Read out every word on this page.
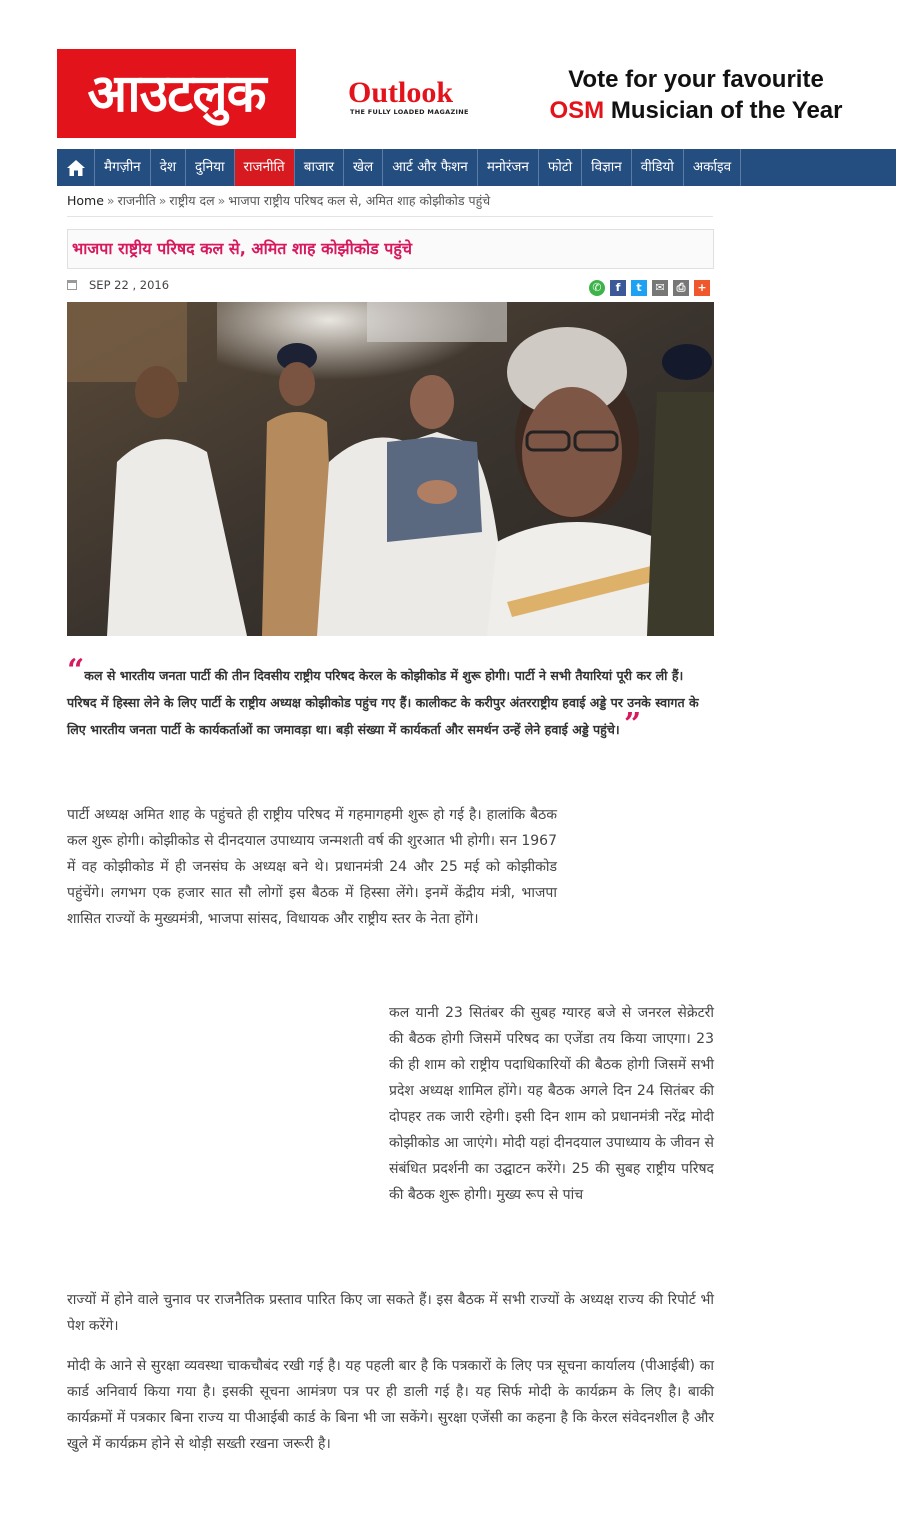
आउटलुक	Outlook
THE FULLY LOADED MAGAZINE
Vote for your favourite
OSM Musician of the Year
मैगज़ीन	देश	दुनिया	राजनीति	बाजार	खेल	आर्ट और फैशन	मनोरंजन	फोटो	विज्ञान	वीडियो	अर्काइव
Home » राजनीति » राष्ट्रीय दल » भाजपा राष्ट्रीय परिषद कल से, अमित शाह कोझीकोड पहुंचे
भाजपा राष्ट्रीय परिषद कल से, अमित शाह कोझीकोड पहुंचे
SEP 22 , 2016	✆	f	t	✉	⎙	+
“कल से भारतीय जनता पार्टी की तीन दिवसीय राष्ट्रीय परिषद केरल के कोझीकोड में शुरू होगी। पार्टी ने सभी तैयारियां पूरी कर ली हैं। परिषद में हिस्सा लेने के लिए पार्टी के राष्ट्रीय अध्यक्ष कोझीकोड पहुंच गए हैं। कालीकट के करीपुर अंतरराष्ट्रीय हवाई अड्डे पर उनके स्वागत के लिए भारतीय जनता पार्टी के कार्यकर्ताओं का जमावड़ा था। बड़ी संख्या में कार्यकर्ता और समर्थन उन्हें लेने हवाई अड्डे पहुंचे। ”

पार्टी अध्यक्ष अमित शाह के पहुंचते ही राष्ट्रीय परिषद में गहमागहमी शुरू हो गई है। हालांकि बैठक कल शुरू होगी। कोझीकोड से दीनदयाल उपाध्याय जन्मशती वर्ष की शुरआत भी होगी। सन 1967 में वह कोझीकोड में ही जनसंघ के अध्यक्ष बने थे। प्रधानमंत्री 24 और 25 मई को कोझीकोड पहुंचेंगे। लगभग एक हजार सात सौ लोगों इस बैठक में हिस्सा लेंगे। इनमें केंद्रीय मंत्री, भाजपा शासित राज्यों के मुख्यमंत्री, भाजपा सांसद, विधायक और राष्ट्रीय स्तर के नेता होंगे।

कल यानी 23 सितंबर की सुबह ग्यारह बजे से जनरल सेक्रेटरी की बैठक होगी जिसमें परिषद का एजेंडा तय किया जाएगा। 23 की ही शाम को राष्ट्रीय पदाधिकारियों की बैठक होगी जिसमें सभी प्रदेश अध्यक्ष शामिल होंगे। यह बैठक अगले दिन 24 सितंबर की दोपहर तक जारी रहेगी। इसी दिन शाम को प्रधानमंत्री नरेंद्र मोदी कोझीकोड आ जाएंगे। मोदी यहां दीनदयाल उपाध्याय के जीवन से संबंधित प्रदर्शनी का उद्घाटन करेंगे। 25 की सुबह राष्ट्रीय परिषद की बैठक शुरू होगी। मुख्य रूप से पांच

राज्यों में होने वाले चुनाव पर राजनैतिक प्रस्ताव पारित किए जा सकते हैं। इस बैठक में सभी राज्यों के अध्यक्ष राज्य की रिपोर्ट भी पेश करेंगे।

मोदी के आने से सुरक्षा व्यवस्था चाकचौबंद रखी गई है। यह पहली बार है कि पत्रकारों के लिए पत्र सूचना कार्यालय (पीआईबी) का कार्ड अनिवार्य किया गया है। इसकी सूचना आमंत्रण पत्र पर ही डाली गई है। यह सिर्फ मोदी के कार्यक्रम के लिए है। बाकी कार्यक्रमों में पत्रकार बिना राज्य या पीआईबी कार्ड के बिना भी जा सकेंगे। सुरक्षा एजेंसी का कहना है कि केरल संवेदनशील है और खुले में कार्यक्रम होने से थोड़ी सख्ती रखना जरूरी है।
